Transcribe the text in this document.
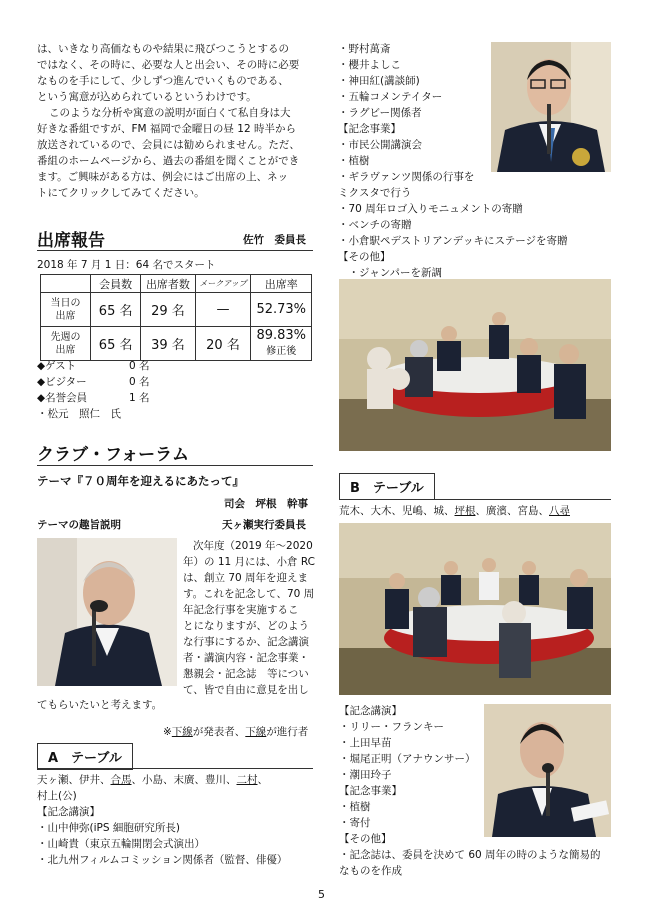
は、いきなり高価なものや結果に飛びつこうとするの

ではなく、その時に、必要な人と出会い、その時に必要

なものを手にして、少しずつ進んでいくものである、

という寓意が込められているというわけです。

このような分析や寓意の説明が面白くて私自身は大

好きな番組ですが、FM 福岡で金曜日の昼 12 時半から

放送されているので、会員には勧められません。ただ、

番組のホームページから、過去の番組を聞くことができ

ます。ご興味がある方は、例会にはご出席の上、ネッ

トにてクリックしてみてください。

出席報告	佐竹　委員長
2018 年 7 月 1 日：64 名でスタート
	会員数	出席者数	メークアップ	出席率
当日の
出席	65 名	29 名	—	52.73%
先週の
出席	65 名	39 名	20 名	89.83%
修正後
◆ゲスト	0 名
◆ビジター	0 名
◆名誉会員	1 名
・松元　照仁　氏
クラブ・フォーラム
テーマ『７０周年を迎えるにあたって』
司会　坪根　幹事
テーマの趣旨説明	天ヶ瀬実行委員長

次年度（2019 年～2020

年）の 11 月には、小倉 RC

は、創立 70 周年を迎えま

す。これを記念して、70 周

年記念行事を実施するこ

とになりますが、どのよう

な行事にするか、記念講演

者・講演内容・記念事業・

懇親会・記念誌　等につい

て、皆で自由に意見を出し

てもらいたいと考えます。
※下線が発表者、下線が進行者
A　テーブル
天ヶ瀬、伊井、合馬、小島、末廣、豊川、二村、
村上(公)
【記念講演】
・山中伸弥(iPS 細胞研究所長)
・山崎貴（東京五輪開閉会式演出）
・北九州フィルムコミッション関係者（監督、俳優）
・野村萬斎
・櫻井よしこ
・神田紅(講談師)
・五輪コメンテイター
・ラグビー関係者
【記念事業】
・市民公開講演会
・植樹
・ギラヴァンツ関係の行事を
ミクスタで行う
・70 周年ロゴ入りモニュメントの寄贈
・ベンチの寄贈
・小倉駅ペデストリアンデッキにステージを寄贈
【その他】
　・ジャンパーを新調
B　テーブル
荒木、大木、児嶋、城、坪根、廣濱、宮島、八尋
【記念講演】
・リリー・フランキー
・上田早苗
・堀尾正明（アナウンサー）
・潮田玲子
【記念事業】
・植樹
・寄付
【その他】
・記念誌は、委員を決めて 60 周年の時のような簡易的
なものを作成
5
